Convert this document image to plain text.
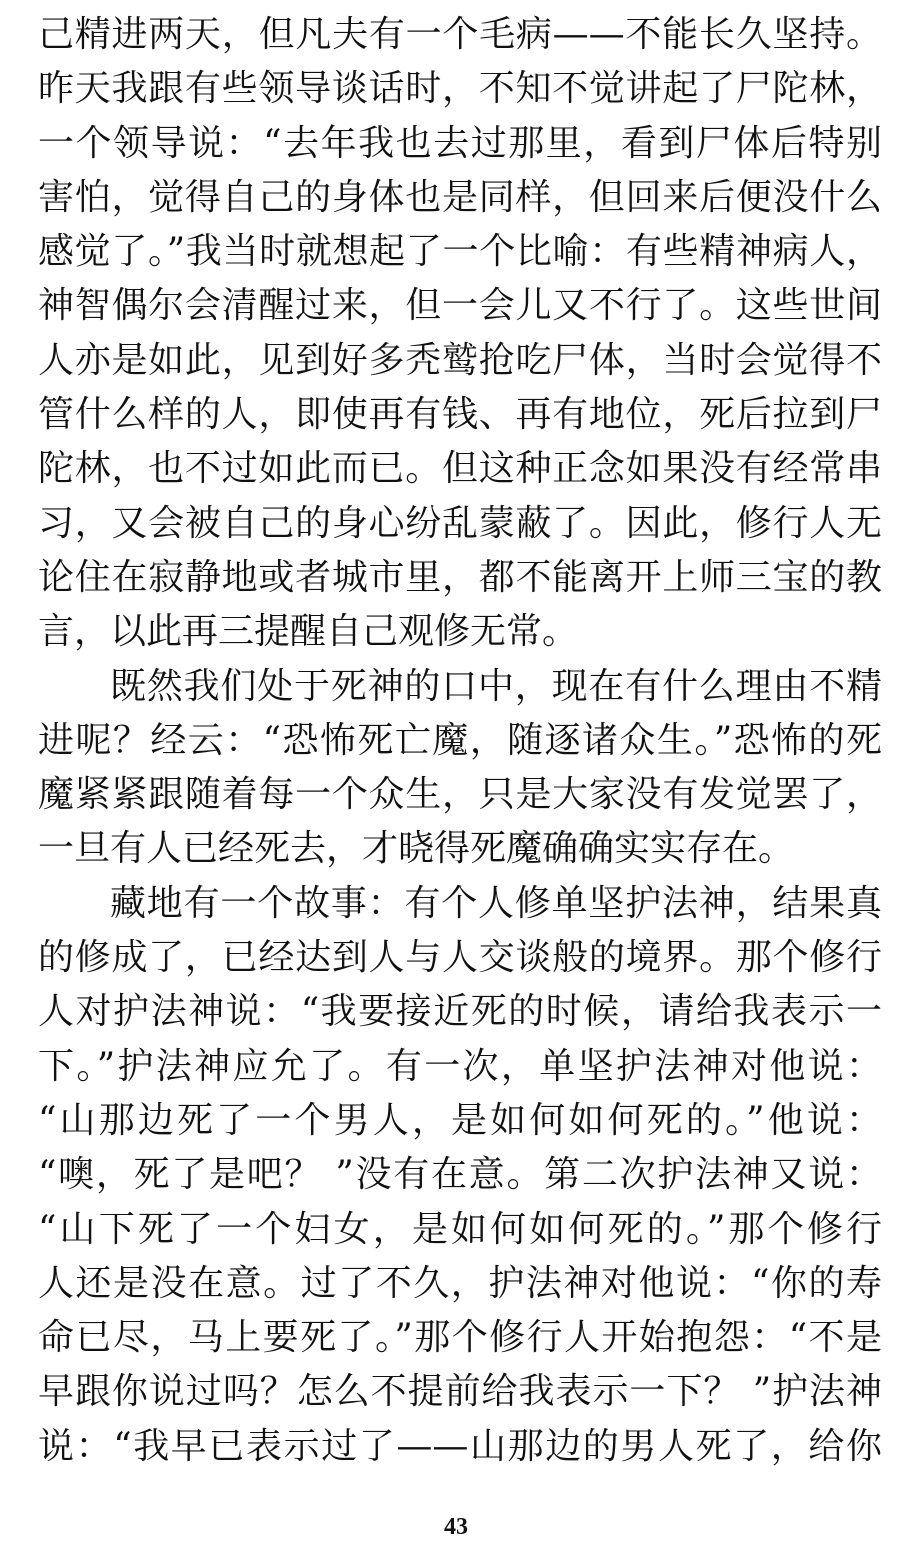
己精进两天，但凡夫有一个毛病——不能长久坚持。
昨天我跟有些领导谈话时，不知不觉讲起了尸陀林，
一个领导说：“去年我也去过那里，看到尸体后特别
害怕，觉得自己的身体也是同样，但回来后便没什么
感觉了。”我当时就想起了一个比喻：有些精神病人，
神智偶尔会清醒过来，但一会儿又不行了。这些世间
人亦是如此，见到好多秃鹫抢吃尸体，当时会觉得不
管什么样的人，即使再有钱、再有地位，死后拉到尸
陀林，也不过如此而已。但这种正念如果没有经常串
习，又会被自己的身心纷乱蒙蔽了。因此，修行人无
论住在寂静地或者城市里，都不能离开上师三宝的教
言，以此再三提醒自己观修无常。
既然我们处于死神的口中，现在有什么理由不精
进呢？经云：“恐怖死亡魔，随逐诸众生。”恐怖的死
魔紧紧跟随着每一个众生，只是大家没有发觉罢了，
一旦有人已经死去，才晓得死魔确确实实存在。
藏地有一个故事：有个人修单坚护法神，结果真
的修成了，已经达到人与人交谈般的境界。那个修行
人对护法神说：“我要接近死的时候，请给我表示一
下。”护法神应允了。有一次，单坚护法神对他说：
“山那边死了一个男人，是如何如何死的。”他说：
“噢，死了是吧？ ”没有在意。第二次护法神又说：
“山下死了一个妇女，是如何如何死的。”那个修行
人还是没在意。过了不久，护法神对他说：“你的寿
命已尽，马上要死了。”那个修行人开始抱怨：“不是
早跟你说过吗？怎么不提前给我表示一下？ ”护法神
说：“我早已表示过了——山那边的男人死了，给你
43
